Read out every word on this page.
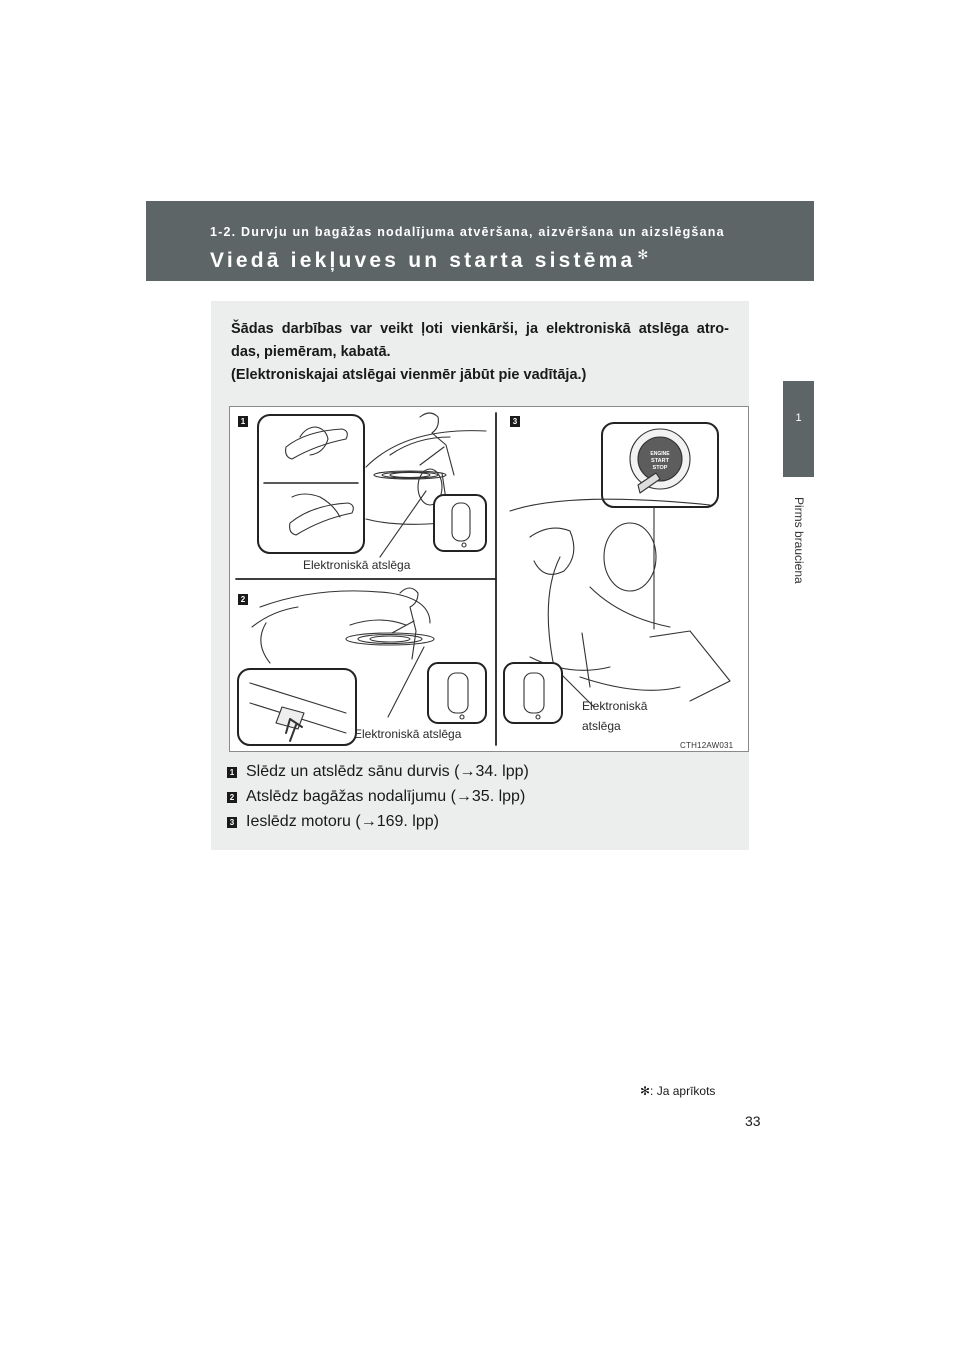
1-2. Durvju un bagāžas nodalījuma atvēršana, aizvēršana un aizslēgšana
Viedā iekļuves un starta sistēma ✻
1
Pirms brauciena

Šādas darbības var veikt ļoti vienkārši, ja elektroniskā atslēga atro-

das, piemēram, kabatā.

(Elektroniskajai atslēgai vienmēr jābūt pie vadītāja.)

ENGINE
START
STOP
1	3
2
Elektroniskā atslēga
Elektroniskā atslēga
Elektroniskā
atslēga
CTH12AW031
1 Slēdz un atslēdz sānu durvis (→34. lpp)
2 Atslēdz bagāžas nodalījumu (→35. lpp)
3 Ieslēdz motoru (→169. lpp)
✻: Ja aprīkots
33
